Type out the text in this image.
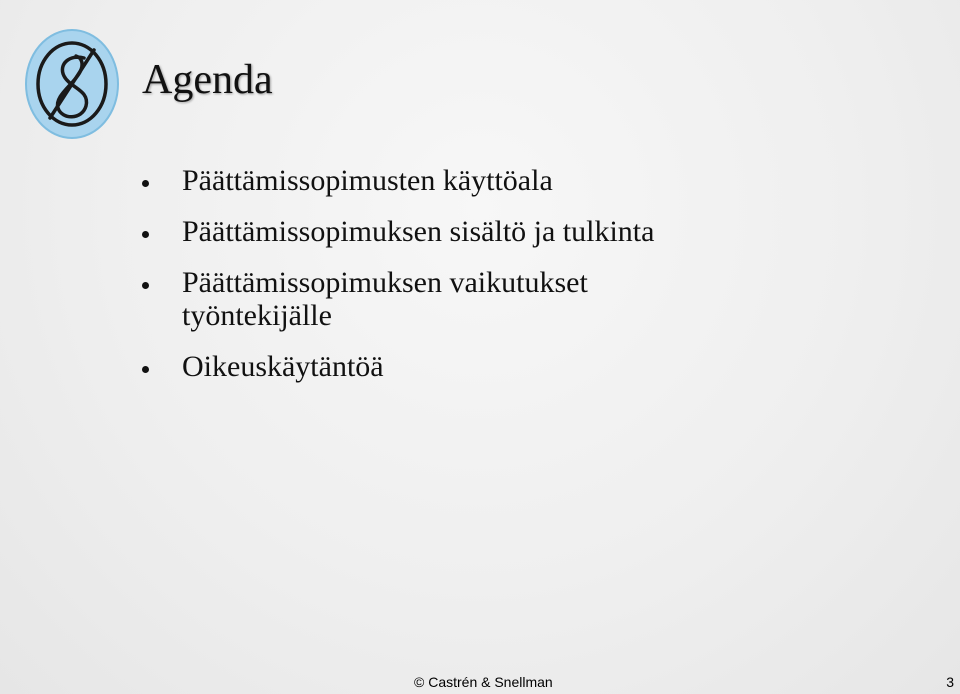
Agenda
Päättämissopimusten käyttöala
Päättämissopimuksen sisältö ja tulkinta
Päättämissopimuksen vaikutukset työntekijälle
Oikeuskäytäntöä
© Castrén & Snellman	3
